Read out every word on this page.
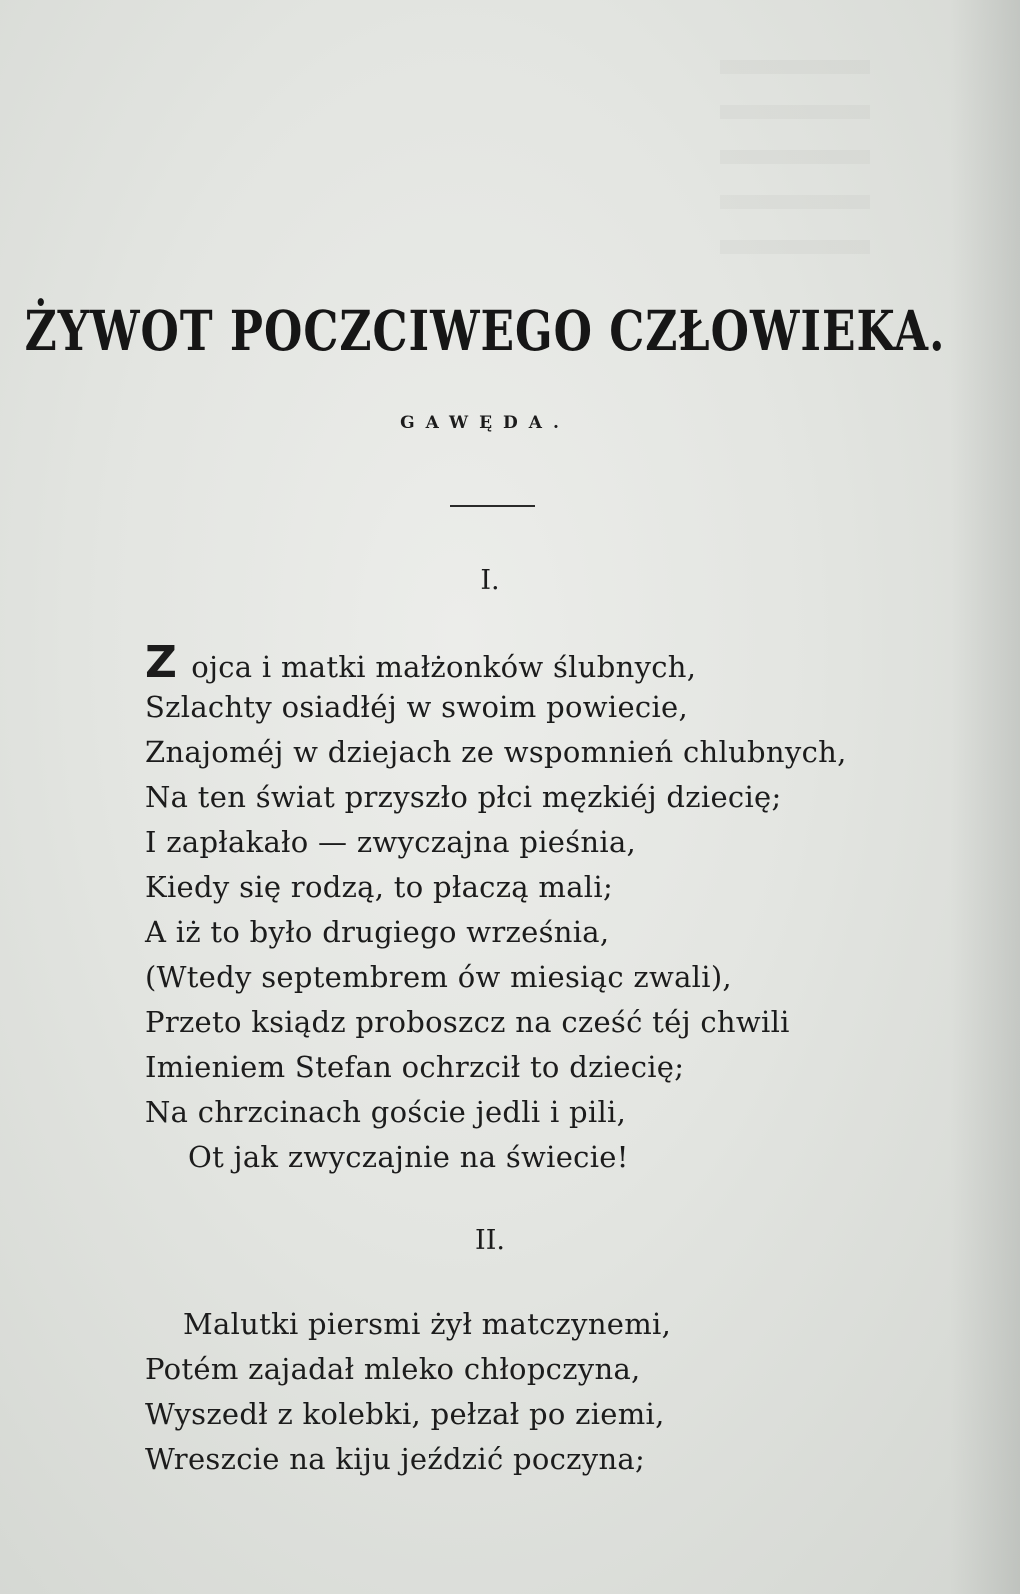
ŻYWOT POCZCIWEGO CZŁOWIEKA.
GAWĘDA.
I.
Zojca i matki małżonków ślubnych,
Szlachty osiadłéj w swoim powiecie,
Znajoméj w dziejach ze wspomnień chlubnych,
Na ten świat przyszło płci męzkiéj dziecię;
I zapłakało — zwyczajna pieśnia,
Kiedy się rodzą, to płaczą mali;
A iż to było drugiego września,
(Wtedy septembrem ów miesiąc zwali),
Przeto ksiądz proboszcz na cześć téj chwili
Imieniem Stefan ochrzcił to dziecię;
Na chrzcinach goście jedli i pili,
Ot jak zwyczajnie na świecie!
II.
Malutki piersmi żył matczynemi,
Potém zajadał mleko chłopczyna,
Wyszedł z kolebki, pełzał po ziemi,
Wreszcie na kiju jeździć poczyna;
